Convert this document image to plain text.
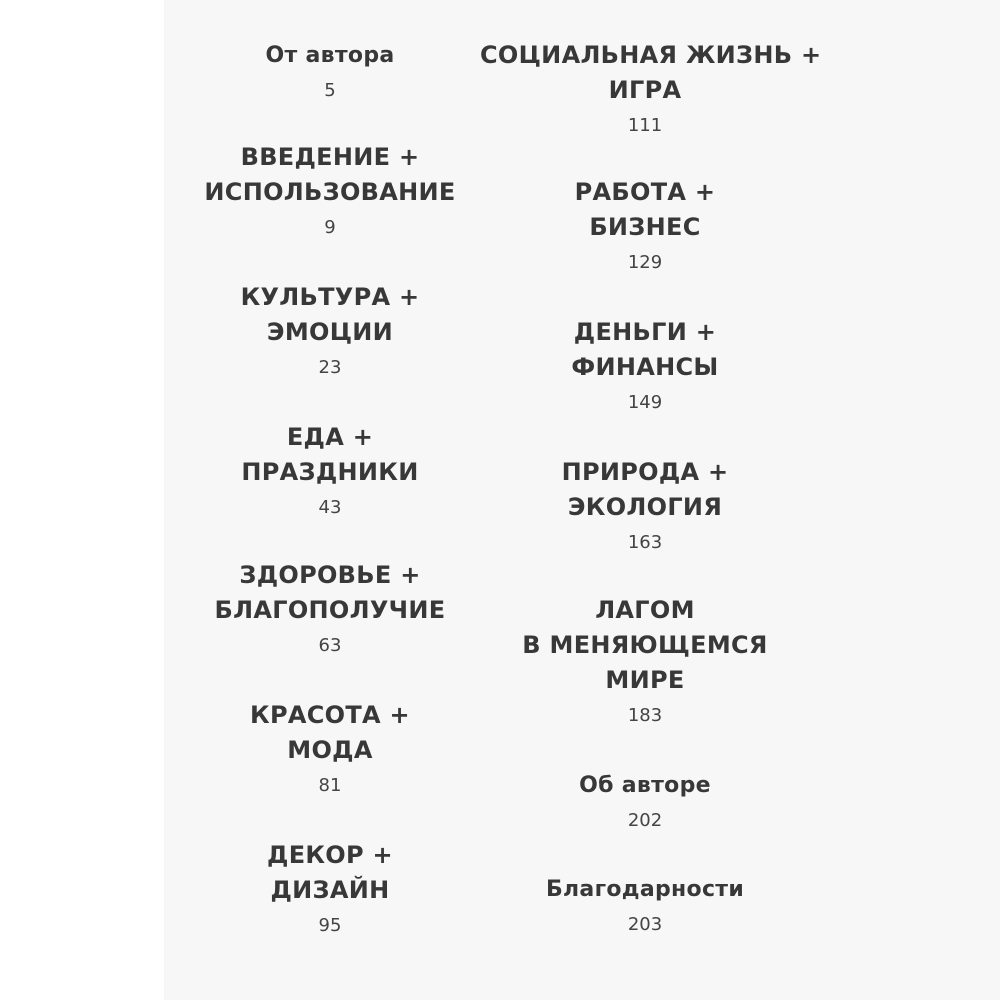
От автора
5
ВВЕДЕНИЕ +
ИСПОЛЬЗОВАНИЕ
9
КУЛЬТУРА +
ЭМОЦИИ
23
ЕДА +
ПРАЗДНИКИ
43
ЗДОРОВЬЕ +
БЛАГОПОЛУЧИЕ
63
КРАСОТА +
МОДА
81
ДЕКОР +
ДИЗАЙН
95
СОЦИАЛЬНАЯ ЖИЗНЬ +
ИГРА
111
РАБОТА +
БИЗНЕС
129
ДЕНЬГИ +
ФИНАНСЫ
149
ПРИРОДА +
ЭКОЛОГИЯ
163
ЛАГОМ
В МЕНЯЮЩЕМСЯ
МИРЕ
183
Об авторе
202
Благодарности
203
